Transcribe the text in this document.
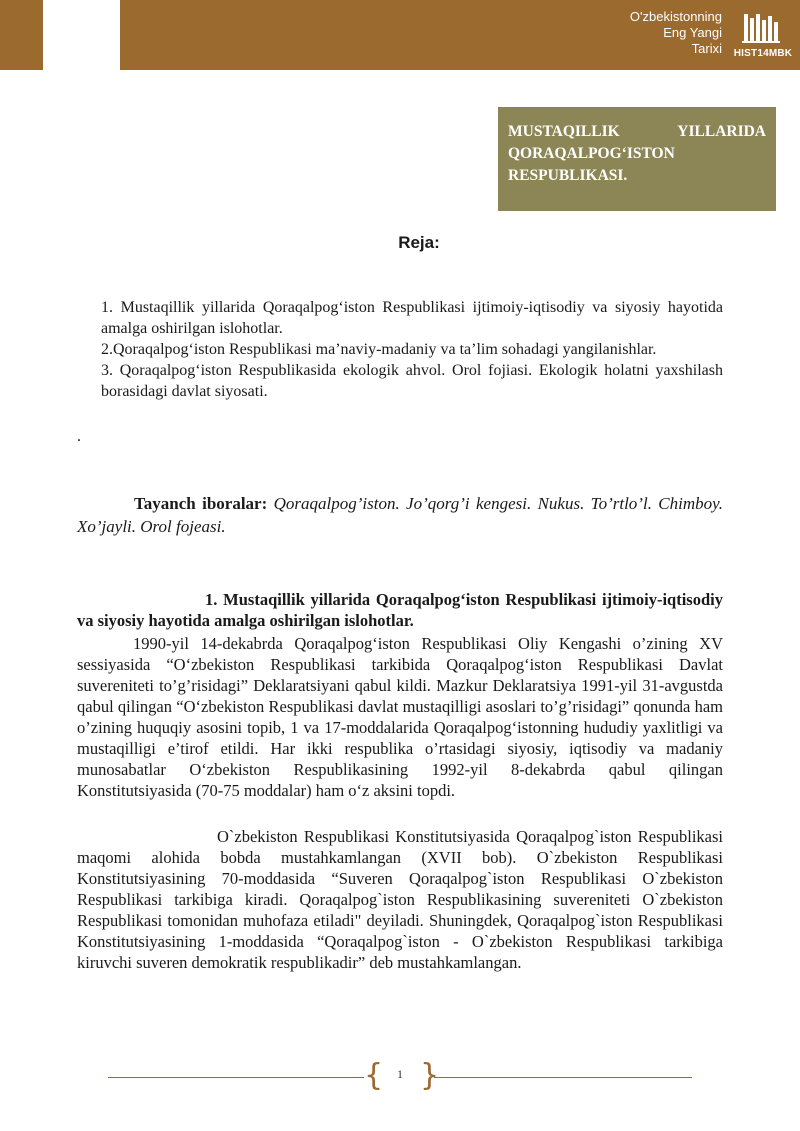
O'zbekistonning
Eng Yangi
Tarixi	HIST14MBK
MUSTAQILLIK YILLARIDA QORAQALPOG‘ISTON RESPUBLIKASI.
Reja:
1. Mustaqillik yillarida Qoraqalpog‘iston Respublikasi ijtimoiy-iqtisodiy va siyosiy hayotida amalga oshirilgan islohotlar.
2.Qoraqalpog‘iston Respublikasi ma’naviy-madaniy va ta’lim sohadagi yangilanishlar.
3. Qoraqalpog‘iston Respublikasida ekologik ahvol. Orol fojiasi. Ekologik holatni yaxshilash borasidagi davlat siyosati.
.
Tayanch iboralar: Qoraqalpog’iston. Jo’qorg’i kengesi. Nukus. To’rtlo’l. Chimboy. Xo’jayli. Orol fojeasi.
1. Mustaqillik yillarida Qoraqalpog‘iston Respublikasi ijtimoiy-iqtisodiy va siyosiy hayotida amalga oshirilgan islohotlar.
1990-yil 14-dekabrda Qoraqalpog‘iston Respublikasi Oliy Kengashi o’zining XV sessiyasida “O‘zbekiston Respublikasi tarkibida Qoraqalpog‘iston Respublikasi Davlat suvereniteti to’g’risidagi” Deklaratsiyani qabul kildi. Mazkur Deklaratsiya 1991-yil 31-avgustda qabul qilingan “O‘zbekiston Respublikasi davlat mustaqilligi asoslari to’g’risidagi” qonunda ham o’zining huquqiy asosini topib, 1 va 17-moddalarida Qoraqalpog‘istonning hududiy yaxlitligi va mustaqilligi e’tirof etildi. Har ikki respublika o’rtasidagi siyosiy, iqtisodiy va madaniy munosabatlar O‘zbekiston Respublikasining 1992-yil 8-dekabrda qabul qilingan Konstitutsiyasida (70-75 moddalar) ham o‘z aksini topdi.
O`zbekiston Respublikasi Konstitutsiyasida Qoraqalpog`iston Respublikasi maqomi alohida bobda mustahkamlangan (XVII bob). O`zbekiston Respublikasi Konstitutsiyasining 70-moddasida “Suveren Qoraqalpog`iston Respublikasi O`zbekiston Respublikasi tarkibiga kiradi. Qoraqalpog`iston Respublikasining suvereniteti O`zbekiston Respublikasi tomonidan muhofaza etiladi" deyiladi. Shuningdek, Qoraqalpog`iston Respublikasi Konstitutsiyasining 1-moddasida “Qoraqalpog`iston - O`zbekiston Respublikasi tarkibiga kiruvchi suveren demokratik respublikadir” deb mustahkamlangan.
{ }
1
